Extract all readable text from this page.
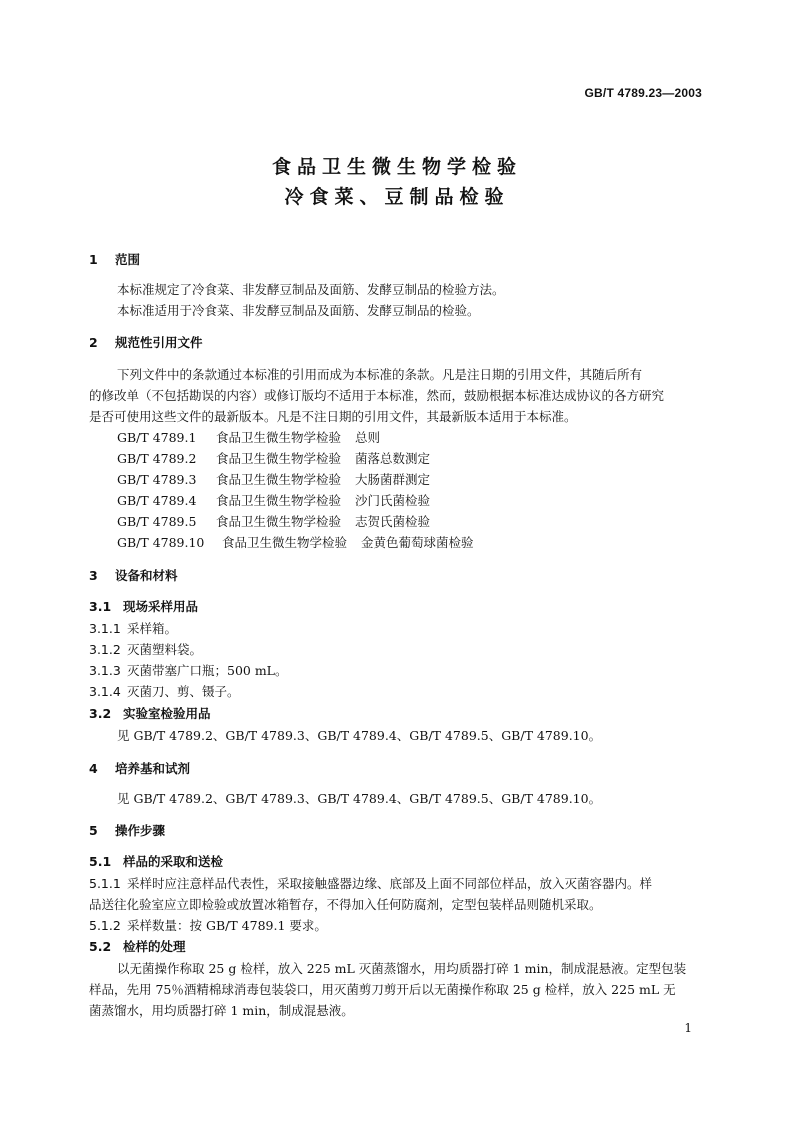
GB/T 4789.23—2003
食品卫生微生物学检验
冷食菜、豆制品检验
1 范围
本标准规定了冷食菜、非发酵豆制品及面筋、发酵豆制品的检验方法。
本标准适用于冷食菜、非发酵豆制品及面筋、发酵豆制品的检验。
2 规范性引用文件
下列文件中的条款通过本标准的引用而成为本标准的条款。凡是注日期的引用文件，其随后所有
的修改单（不包括勘误的内容）或修订版均不适用于本标准，然而，鼓励根据本标准达成协议的各方研究
是否可使用这些文件的最新版本。凡是不注日期的引用文件，其最新版本适用于本标准。
GB/T 4789.1 食品卫生微生物学检验 总则
GB/T 4789.2 食品卫生微生物学检验 菌落总数测定
GB/T 4789.3 食品卫生微生物学检验 大肠菌群测定
GB/T 4789.4 食品卫生微生物学检验 沙门氏菌检验
GB/T 4789.5 食品卫生微生物学检验 志贺氏菌检验
GB/T 4789.10 食品卫生微生物学检验 金黄色葡萄球菌检验
3 设备和材料
3.1 现场采样用品
3.1.1 采样箱。
3.1.2 灭菌塑料袋。
3.1.3 灭菌带塞广口瓶；500 mL。
3.1.4 灭菌刀、剪、镊子。
3.2 实验室检验用品
见 GB/T 4789.2、GB/T 4789.3、GB/T 4789.4、GB/T 4789.5、GB/T 4789.10。
4 培养基和试剂
见 GB/T 4789.2、GB/T 4789.3、GB/T 4789.4、GB/T 4789.5、GB/T 4789.10。
5 操作步骤
5.1 样品的采取和送检
5.1.1 采样时应注意样品代表性，采取接触盛器边缘、底部及上面不同部位样品，放入灭菌容器内。样
品送往化验室应立即检验或放置冰箱暂存，不得加入任何防腐剂，定型包装样品则随机采取。
5.1.2 采样数量：按 GB/T 4789.1 要求。
5.2 检样的处理
以无菌操作称取 25 g 检样，放入 225 mL 灭菌蒸馏水，用均质器打碎 1 min，制成混悬液。定型包装
样品，先用 75％酒精棉球消毒包装袋口，用灭菌剪刀剪开后以无菌操作称取 25 g 检样，放入 225 mL 无
菌蒸馏水，用均质器打碎 1 min，制成混悬液。
1
